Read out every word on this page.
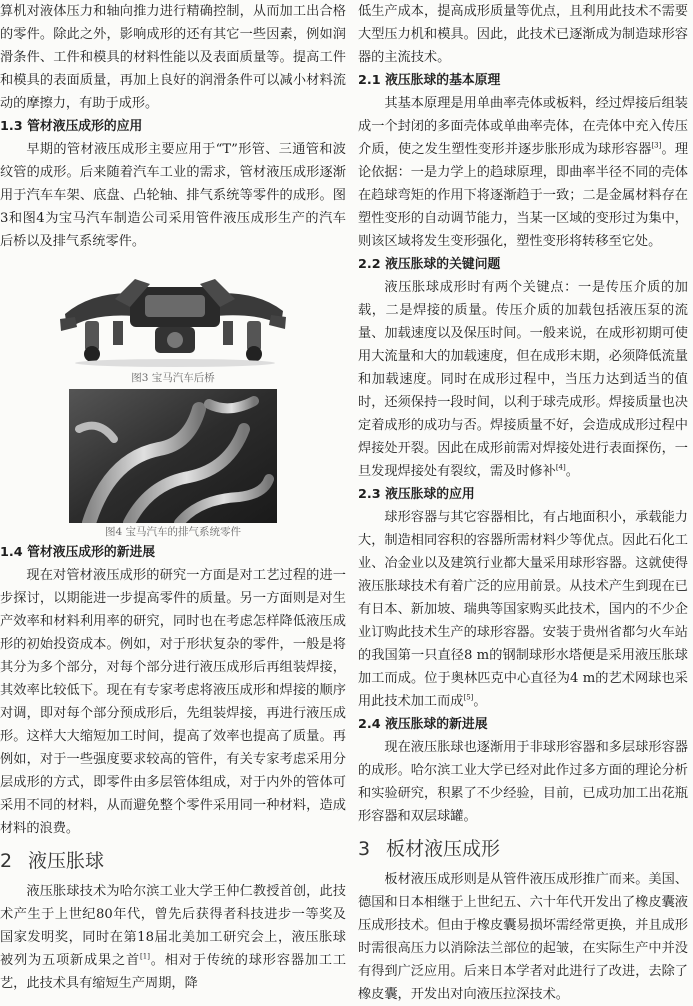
算机对液体压力和轴向推力进行精确控制，从而加工出合格的零件。除此之外，影响成形的还有其它一些因素，例如润滑条件、工件和模具的材料性能以及表面质量等。提高工件和模具的表面质量，再加上良好的润滑条件可以减小材料流动的摩擦力，有助于成形。

1.3 管材液压成形的应用

早期的管材液压成形主要应用于“T”形管、三通管和波纹管的成形。后来随着汽车工业的需求，管材液压成形逐渐用于汽车车架、底盘、凸轮轴、排气系统等零件的成形。图3和图4为宝马汽车制造公司采用管件液压成形生产的汽车后桥以及排气系统零件。

图3 宝马汽车后桥

图4 宝马汽车的排气系统零件

1.4 管材液压成形的新进展

现在对管材液压成形的研究一方面是对工艺过程的进一步探讨，以期能进一步提高零件的质量。另一方面则是对生产效率和材料利用率的研究，同时也在考虑怎样降低液压成形的初始投资成本。例如，对于形状复杂的零件，一般是将其分为多个部分，对每个部分进行液压成形后再组装焊接，其效率比较低下。现在有专家考虑将液压成形和焊接的顺序对调，即对每个部分预成形后，先组装焊接，再进行液压成形。这样大大缩短加工时间，提高了效率也提高了质量。再例如，对于一些强度要求较高的管件，有关专家考虑采用分层成形的方式，即零件由多层管体组成，对于内外的管体可采用不同的材料，从而避免整个零件采用同一种材料，造成材料的浪费。

2 液压胀球

液压胀球技术为哈尔滨工业大学王仲仁教授首创，此技术产生于上世纪80年代，曾先后获得者科技进步一等奖及国家发明奖，同时在第18届北美加工研究会上，液压胀球被列为五项新成果之首[1]。相对于传统的球形容器加工工艺，此技术具有缩短生产周期，降

低生产成本，提高成形质量等优点，且利用此技术不需要大型压力机和模具。因此，此技术已逐渐成为制造球形容器的主流技术。

2.1 液压胀球的基本原理

其基本原理是用单曲率壳体或板料，经过焊接后组装成一个封闭的多面壳体或单曲率壳体，在壳体中充入传压介质，使之发生塑性变形并逐步胀形成为球形容器[3]。理论依据：一是力学上的趋球原理，即曲率半径不同的壳体在趋球弯矩的作用下将逐渐趋于一致；二是金属材料存在塑性变形的自动调节能力，当某一区域的变形过为集中，则该区域将发生变形强化，塑性变形将转移至它处。

2.2 液压胀球的关键问题

液压胀球成形时有两个关键点：一是传压介质的加载，二是焊接的质量。传压介质的加载包括液压泵的流量、加载速度以及保压时间。一般来说，在成形初期可使用大流量和大的加载速度，但在成形末期，必须降低流量和加载速度。同时在成形过程中，当压力达到适当的值时，还须保持一段时间，以利于球壳成形。焊接质量也决定着成形的成功与否。焊接质量不好，会造成成形过程中焊接处开裂。因此在成形前需对焊接处进行表面探伤，一旦发现焊接处有裂纹，需及时修补[4]。

2.3 液压胀球的应用

球形容器与其它容器相比，有占地面积小，承载能力大，制造相同容积的容器所需材料少等优点。因此石化工业、冶金业以及建筑行业都大量采用球形容器。这就使得液压胀球技术有着广泛的应用前景。从技术产生到现在已有日本、新加坡、瑞典等国家购买此技术，国内的不少企业订购此技术生产的球形容器。安装于贵州省都匀火车站的我国第一只直径8 m的钢制球形水塔便是采用液压胀球加工而成。位于奥林匹克中心直径为4 m的艺术网球也采用此技术加工而成[5]。

2.4 液压胀球的新进展

现在液压胀球也逐渐用于非球形容器和多层球形容器的成形。哈尔滨工业大学已经对此作过多方面的理论分析和实验研究，积累了不少经验，目前，已成功加工出花瓶形容器和双层球罐。

3 板材液压成形

板材液压成形则是从管件液压成形推广而来。美国、德国和日本相继于上世纪五、六十年代开发出了橡皮囊液压成形技术。但由于橡皮囊易损坏需经常更换，并且成形时需很高压力以消除法兰部位的起皱，在实际生产中并没有得到广泛应用。后来日本学者对此进行了改进，去除了橡皮囊，开发出对向液压拉深技术。
